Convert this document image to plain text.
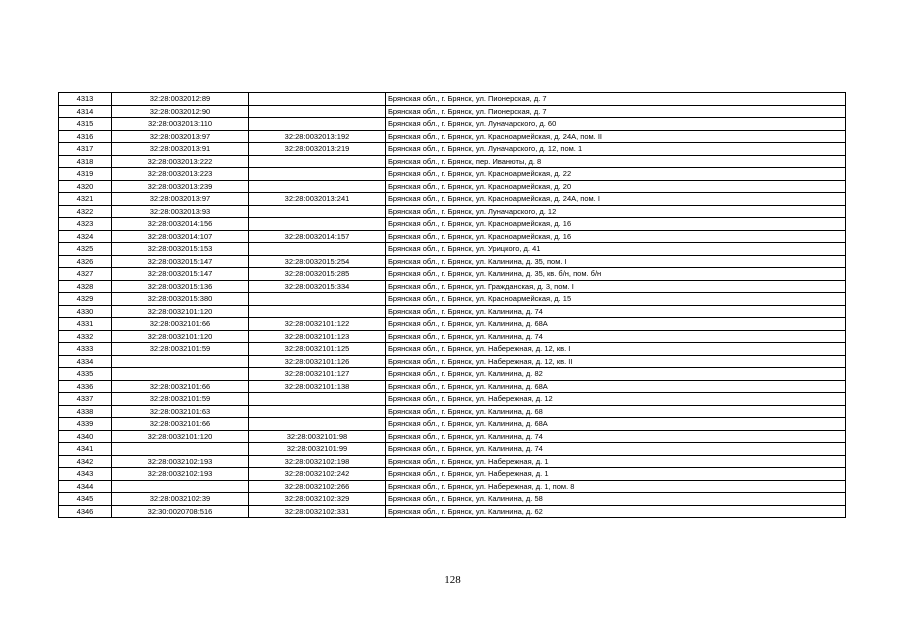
4313	32:28:0032012:89		Брянская обл., г. Брянск, ул. Пионерская, д. 7
4314	32:28:0032012:90		Брянская обл., г. Брянск, ул. Пионерская, д. 7
4315	32:28:0032013:110		Брянская обл., г. Брянск, ул. Луначарского, д. 60
4316	32:28:0032013:97	32:28:0032013:192	Брянская обл., г. Брянск, ул. Красноармейская, д. 24А, пом. II
4317	32:28:0032013:91	32:28:0032013:219	Брянская обл., г. Брянск, ул. Луначарского, д. 12, пом. 1
4318	32:28:0032013:222		Брянская обл., г. Брянск, пер. Иванюты, д. 8
4319	32:28:0032013:223		Брянская обл., г. Брянск, ул. Красноармейская, д. 22
4320	32:28:0032013:239		Брянская обл., г. Брянск, ул. Красноармейская, д. 20
4321	32:28:0032013:97	32:28:0032013:241	Брянская обл., г. Брянск, ул. Красноармейская, д. 24А, пом. I
4322	32:28:0032013:93		Брянская обл., г. Брянск, ул. Луначарского, д. 12
4323	32:28:0032014:156		Брянская обл., г. Брянск, ул. Красноармейская, д. 16
4324	32:28:0032014:107	32:28:0032014:157	Брянская обл., г. Брянск, ул. Красноармейская, д. 16
4325	32:28:0032015:153		Брянская обл., г. Брянск, ул. Урицкого, д. 41
4326	32:28:0032015:147	32:28:0032015:254	Брянская обл., г. Брянск, ул. Калинина, д. 35, пом. I
4327	32:28:0032015:147	32:28:0032015:285	Брянская обл., г. Брянск, ул. Калинина, д. 35, кв. б/н, пом. б/н
4328	32:28:0032015:136	32:28:0032015:334	Брянская обл., г. Брянск, ул. Гражданская, д. 3, пом. I
4329	32:28:0032015:380		Брянская обл., г. Брянск, ул. Красноармейская, д. 15
4330	32:28:0032101:120		Брянская обл., г. Брянск, ул. Калинина, д. 74
4331	32:28:0032101:66	32:28:0032101:122	Брянская обл., г. Брянск, ул. Калинина, д. 68А
4332	32:28:0032101:120	32:28:0032101:123	Брянская обл., г. Брянск, ул. Калинина, д. 74
4333	32:28:0032101:59	32:28:0032101:125	Брянская обл., г. Брянск, ул. Набережная, д. 12, кв. I
4334		32:28:0032101:126	Брянская обл., г. Брянск, ул. Набережная, д. 12, кв. II
4335		32:28:0032101:127	Брянская обл., г. Брянск, ул. Калинина, д. 82
4336	32:28:0032101:66	32:28:0032101:138	Брянская обл., г. Брянск, ул. Калинина, д. 68А
4337	32:28:0032101:59		Брянская обл., г. Брянск, ул. Набережная, д. 12
4338	32:28:0032101:63		Брянская обл., г. Брянск, ул. Калинина, д. 68
4339	32:28:0032101:66		Брянская обл., г. Брянск, ул. Калинина, д. 68А
4340	32:28:0032101:120	32:28:0032101:98	Брянская обл., г. Брянск, ул. Калинина, д. 74
4341		32:28:0032101:99	Брянская обл., г. Брянск, ул. Калинина, д. 74
4342	32:28:0032102:193	32:28:0032102:198	Брянская обл., г. Брянск, ул. Набережная, д. 1
4343	32:28:0032102:193	32:28:0032102:242	Брянская обл., г. Брянск, ул. Набережная, д. 1
4344		32:28:0032102:266	Брянская обл., г. Брянск, ул. Набережная, д. 1, пом. 8
4345	32:28:0032102:39	32:28:0032102:329	Брянская обл., г. Брянск, ул. Калинина, д. 58
4346	32:30:0020708:516	32:28:0032102:331	Брянская обл., г. Брянск, ул. Калинина, д. 62
128
